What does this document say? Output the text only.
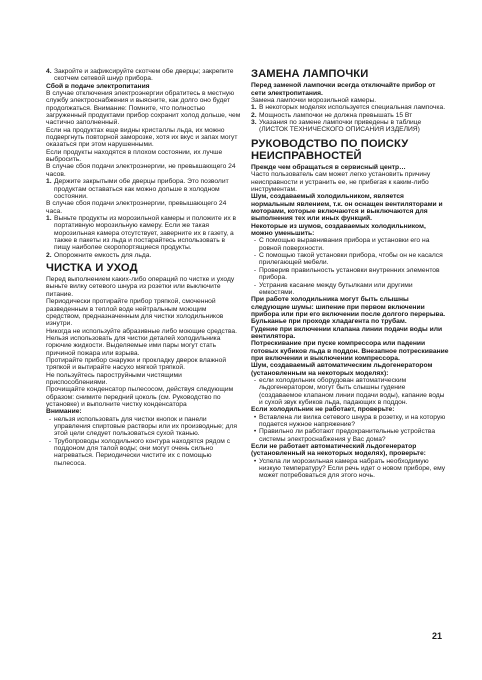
4. Закройте и зафиксируйте скотчем обе дверцы; закрепите скотчем сетевой шнур прибора.

Сбой в подаче электропитания

В случае отключения электроэнергии обратитесь в местную службу электроснабжения и выясните, как долго оно будет продолжаться. Внимание: Помните, что полностью загруженный продуктами прибор сохранит холод дольше, чем частично заполненный.

Если на продуктах еще видны кристаллы льда, их можно подвергнуть повторной заморозке, хотя их вкус и запах могут оказаться при этом нарушенными.

Если продукты находятся в плохом состоянии, их лучше выбросить.

В случае сбоя подачи электроэнергии, не превышающего 24 часов.

1. Держите закрытыми обе дверцы прибора. Это позволит продуктам оставаться как можно дольше в холодном состоянии.

В случае сбоя подачи электроэнергии, превышающего 24 часа.

1. Выньте продукты из морозильной камеры и положите их в портативную морозильную камеру. Если же такая морозильная камера отсутствует, заверните их в газету, а также в пакеты из льда и постарайтесь использовать в пищу наиболее скоропортящиеся продукты.
2. Опорожните емкость для льда.

ЧИСТКА И УХОД

Перед выполнением каких-либо операций по чистке и уходу выньте вилку сетевого шнура из розетки или выключите питание.

Периодически протирайте прибор тряпкой, смоченной разведенным в теплой воде нейтральным моющим средством, предназначенным для чистки холодильников изнутри.

Никогда не используйте абразивные либо моющие средства. Нельзя использовать для чистки деталей холодильника горючие жидкости. Выделяемые ими пары могут стать причиной пожара или взрыва.

Протирайте прибор снаружи и прокладку дверок влажной тряпкой и вытирайте насухо мягкой тряпкой.

Не пользуйтесь пароструйными чистящими приспособлениями.

Прочищайте конденсатор пылесосом, действуя следующим образом: снимите передний цоколь (см. Руководство по установке) и выполните чистку конденсатора

Внимание:

- нельзя использовать для чистки кнопок и панели управления спиртовые растворы или их производные; для этой цели следует пользоваться сухой тканью.
- Трубопроводы холодильного контура находятся рядом с поддоном для талой воды; они могут очень сильно нагреваться. Периодически чистите их с помощью пылесоса.

ЗАМЕНА ЛАМПОЧКИ

Перед заменой лампочки всегда отключайте прибор от сети электропитания.

Замена лампочки морозильной камеры.

1. В некоторых моделях используется специальная лампочка.
2. Мощность лампочки не должна превышать 15 Вт
3. Указания по замене лампочки приведены в таблице (ЛИСТОК ТЕХНИЧЕСКОГО ОПИСАНИЯ ИЗДЕЛИЯ)

РУКОВОДСТВО ПО ПОИСКУ НЕИСПРАВНОСТЕЙ

Прежде чем обращаться в сервисный центр…

Часто пользователь сам может легко установить причину неисправности и устранить ее, не прибегая к каким-либо инструментам.

Шум, создаваемый холодильником, является нормальным явлением, т.к. он оснащен вентиляторами и моторами, которые включаются и выключаются для выполнения тех или иных функций.

Некоторые из шумов, создаваемых холодильником, можно уменьшить:

- С помощью выравнивания прибора и установки его на ровной поверхности.
- С помощью такой установки прибора, чтобы он не касался прилегающей мебели.
- Проверив правильность установки внутренних элементов прибора.
- Устранив касание между бутылками или другими емкостями.

При работе холодильника могут быть слышны следующие шумы: шипение при первом включении прибора или при его включении после долгого перерыва.

Бульканье при проходе хладагента по трубам.

Гудение при включении клапана линии подачи воды или вентилятора.

Потрескивание при пуске компрессора или падении готовых кубиков льда в поддон. Внезапное потрескивание при включении и выключении компрессора.

Шум, создаваемый автоматическим льдогенератором (установленным на некоторых моделях):

- если холодильник оборудован автоматическим льдогенератором, могут быть слышны гудение (создаваемое клапаном линии подачи воды), капание воды и сухой звук кубиков льда, падающих в поддон.

Если холодильник не работает, проверьте:

• Вставлена ли вилка сетевого шнура в розетку, и на которую подается нужное напряжение?
• Правильно ли работают предохранительные устройства системы электроснабжения у Вас дома?

Если не работает автоматический льдогенератор (установленный на некоторых моделях), проверьте:

• Успела ли морозильная камера набрать необходимую низкую температуру? Если речь идет о новом приборе, ему может потребоваться для этого ночь.
21
